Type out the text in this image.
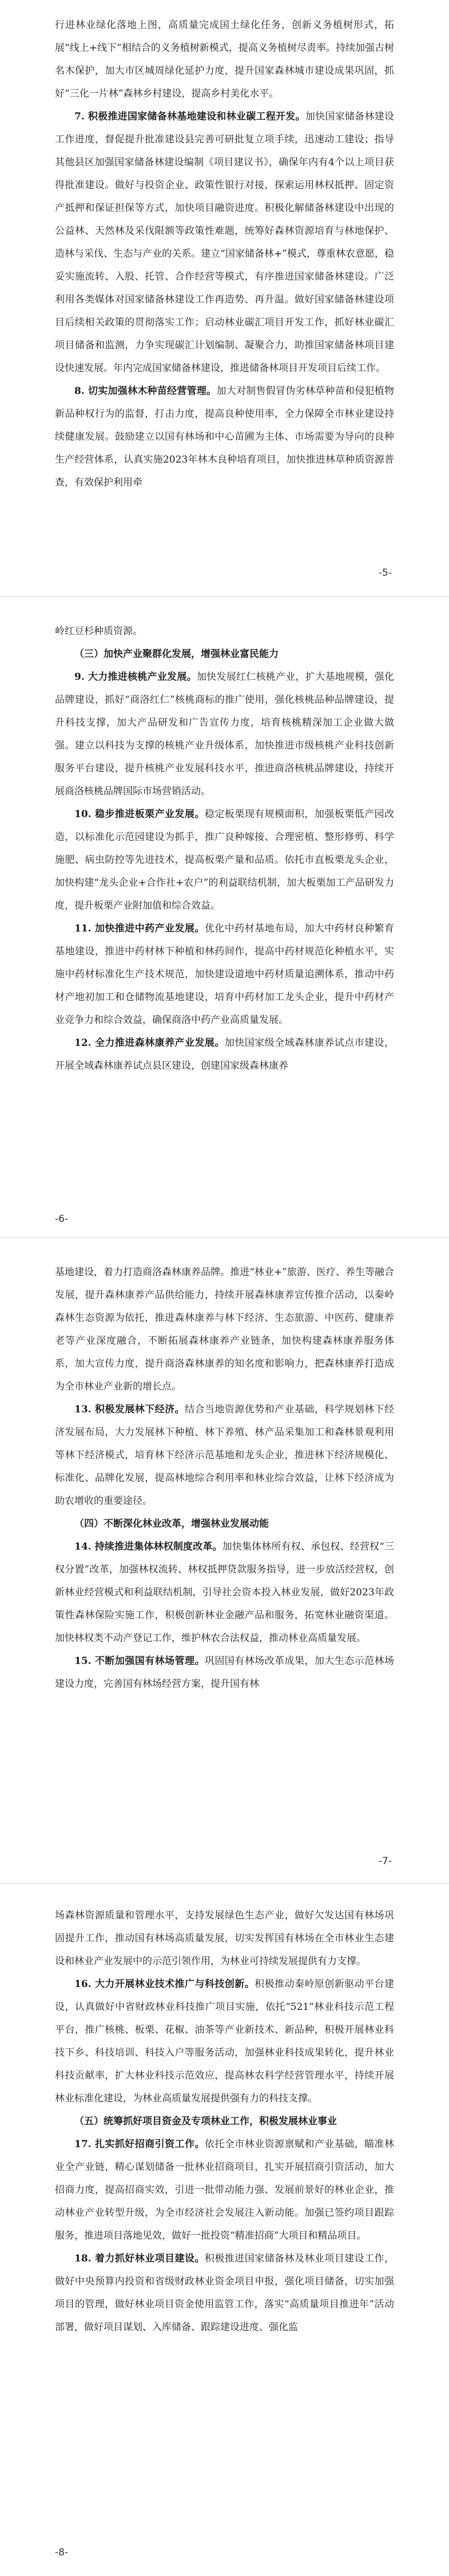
行进林业绿化落地上图，高质量完成国土绿化任务，创新义务植树形式，拓展“线上+线下”相结合的义务植树新模式，提高义务植树尽责率。持续加强古树名木保护，加大市区城周绿化延护力度，提升国家森林城市建设成果巩固，抓好“三化一片林”森林乡村建设，提高乡村美化水平。

7. 积极推进国家储备林基地建设和林业碳工程开发。加快国家储备林建设工作进度，督促提升批准建设县完善可研批复立项手续，迅速动工建设；指导其他县区加强国家储备林建设编制《项目建议书》，确保年内有4个以上项目获得批准建设。做好与投资企业、政策性银行对接，探索运用林权抵押、固定资产抵押和保证担保等方式，加快项目融资进度。积极化解储备林建设中出现的公益林、天然林及采伐限额等政策性难题，统筹好森林资源培育与林地保护、造林与采伐、生态与产业的关系。建立“国家储备林+”模式，尊重林农意愿，稳妥实施流转、入股、托管、合作经营等模式，有序推进国家储备林建设。广泛利用各类媒体对国家储备林建设工作再造势、再升温。做好国家储备林建设项目后续相关政策的贯彻落实工作；启动林业碳汇项目开发工作，抓好林业碳汇项目储备和监测，力争实现碳汇计划编制、凝聚合力，助推国家储备林项目建设快速发展。年内完成国家储备林建设，推进储备林项目开发项目后续工作。

8. 切实加强林木种苗经营管理。加大对制售假冒伪劣林草种苗和侵犯植物新品种权行为的监督，打击力度，提高良种使用率，全力保障全市林业建设持续健康发展。鼓励建立以国有林场和中心苗圃为主体、市场需要为导向的良种生产经营体系，认真实施2023年林木良种培育项目，加快推进林草种质资源普查，有效保护利用牵

-5-

岭红豆杉种质资源。

（三）加快产业聚群化发展，增强林业富民能力

9. 大力推进核桃产业发展。加快发展红仁核桃产业，扩大基地规模，强化品牌建设，抓好“商洛红仁”核桃商标的推广使用，强化核桃品种品牌建设，提升科技支撑，加大产品研发和广告宣传力度，培育核桃精深加工企业做大做强。建立以科技为支撑的核桃产业升级体系，加快推进市级核桃产业科技创新服务平台建设，提升核桃产业发展科技水平，推进商洛核桃品牌建设，持续开展商洛核桃品牌国际市场营销活动。

10. 稳步推进板栗产业发展。稳定板栗现有规模面积，加强板栗低产园改造，以标准化示范园建设为抓手，推广良种嫁接、合理密植、整形修剪、科学施肥、病虫防控等先进技术，提高板栗产量和品质。依托市直板栗龙头企业，加快构建“龙头企业+合作社+农户”的利益联结机制，加大板栗加工产品研发力度，提升板栗产业附加值和综合效益。

11. 加快推进中药产业发展。优化中药材基地布局，加大中药材良种繁育基地建设，推进中药材林下种植和林药间作，提高中药材规范化种植水平，实施中药材标准化生产技术规范，加快建设道地中药材质量追溯体系，推动中药材产地初加工和仓储物流基地建设，培育中药材加工龙头企业，提升中药材产业竞争力和综合效益，确保商洛中药产业高质量发展。

12. 全力推进森林康养产业发展。加快国家级全域森林康养试点市建设，开展全域森林康养试点县区建设，创建国家级森林康养

-6-

基地建设，着力打造商洛森林康养品牌。推进“林业+”旅游、医疗、养生等融合发展，提升森林康养产品供给能力，持续开展森林康养宣传推介活动，以秦岭森林生态资源为依托，推进森林康养与林下经济、生态旅游、中医药、健康养老等产业深度融合，不断拓展森林康养产业链条，加快构建森林康养服务体系，加大宣传力度，提升商洛森林康养的知名度和影响力，把森林康养打造成为全市林业产业新的增长点。

13. 积极发展林下经济。结合当地资源优势和产业基础，科学规划林下经济发展布局，大力发展林下种植、林下养殖、林产品采集加工和森林景观利用等林下经济模式，培育林下经济示范基地和龙头企业，推进林下经济规模化、标准化、品牌化发展，提高林地综合利用率和林业综合效益，让林下经济成为助农增收的重要途径。

（四）不断深化林业改革，增强林业发展动能

14. 持续推进集体林权制度改革。加快集体林所有权、承包权、经营权“三权分置”改革，加强林权流转、林权抵押贷款服务指导，进一步放活经营权，创新林业经营模式和利益联结机制，引导社会资本投入林业发展，做好2023年政策性森林保险实施工作，积极创新林业金融产品和服务，拓宽林业融资渠道。加快林权类不动产登记工作，维护林农合法权益，推动林业高质量发展。

15. 不断加强国有林场管理。巩固国有林场改革成果，加大生态示范林场建设力度，完善国有林场经营方案，提升国有林

-7-

场森林资源质量和管理水平，支持发展绿色生态产业，做好欠发达国有林场巩固提升工作，推动国有林场高质量发展，切实发挥国有林场在全市林业生态建设和林业产业发展中的示范引领作用，为林业可持续发展提供有力支撑。

16. 大力开展林业技术推广与科技创新。积极推动秦岭原创新驱动平台建设，认真做好中省财政林业科技推广项目实施，依托“521”林业科技示范工程平台，推广核桃、板栗、花椒、油茶等产业新技术、新品种，积极开展林业科技下乡、科技培训、科技入户等服务活动，加强林业科技成果转化，提升林业科技贡献率，扩大林业科技示范效应，提高林农科学经营管理水平，持续开展林业标准化建设，为林业高质量发展提供强有力的科技支撑。

（五）统筹抓好项目资金及专项林业工作，积极发展林业事业

17. 扎实抓好招商引资工作。依托全市林业资源禀赋和产业基础，瞄准林业全产业链，精心谋划储备一批林业招商项目，扎实开展招商引资活动，加大招商力度，提高招商实效，引进一批带动能力强、发展前景好的林业企业，推动林业产业转型升级，为全市经济社会发展注入新动能。加强已签约项目跟踪服务，推进项目落地见效，做好一批投资“精准招商”大项目和精品项目。

18. 着力抓好林业项目建设。积极推进国家储备林及林业项目建设工作，做好中央预算内投资和省级财政林业资金项目申报，强化项目储备，切实加强项目的管理，做好林业项目资金使用监管工作，落实“高质量项目推进年”活动部署，做好项目谋划、入库储备、跟踪建设进度、强化监

-8-
